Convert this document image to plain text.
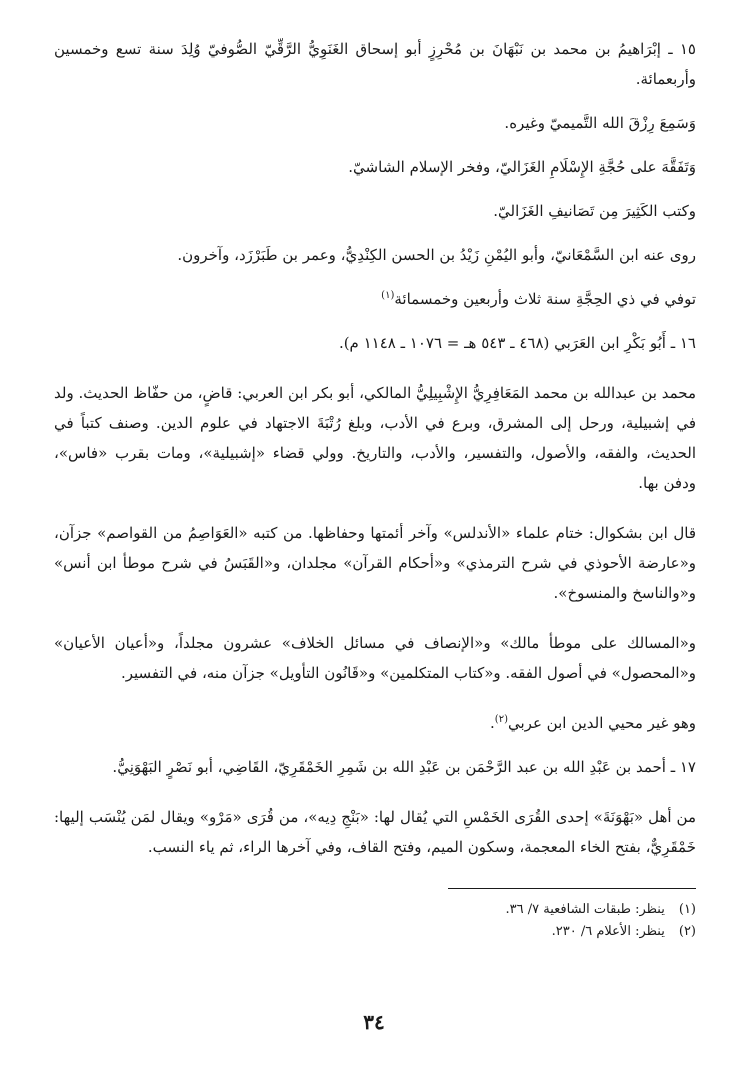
١٥ ـ إبْرَاهيمُ بن محمد بن نَبْهَانَ بن مُحْرِزٍ أبو إسحاق الغَنَوِيُّ الرَّقِّيّ الصُّوفيّ وُلِدَ سنة تسع وخمسين وأربعمائة.

وَسَمِعَ رِزْقَ الله التَّميميّ وغيره.

وَتَفَقَّهَ على حُجَّةِ الإِسْلَامِ الغَزَاليّ، وفخر الإسلام الشاشيّ.

وكتب الكَثِيرَ مِن تَصَانيفِ الغَزَاليّ.

روى عنه ابن السَّمْعَانيّ، وأبو اليُمْنِ زَيْدُ بن الحسن الكِنْدِيُّ، وعمر بن طَبَرْزَد، وآخرون.

توفي في ذي الحِجَّةِ سنة ثلاث وأربعين وخمسمائة$^{(١)}$

١٦ ـ أَبُو بَكْرِ ابن العَرَبي (٤٦٨ ـ ٥٤٣ هـ = ١٠٧٦ ـ ١١٤٨ م).

محمد بن عبدالله بن محمد المَعَافِرِيُّ الإِشْبِيلِيُّ المالكي، أبو بكر ابن العربي: قاضٍ، من حفّاظ الحديث. ولد في إشبيلية، ورحل إلى المشرق، وبرع في الأدب، وبلغ رُتْبَةَ الاجتهاد في علوم الدين. وصنف كتباً في الحديث، والفقه، والأصول، والتفسير، والأدب، والتاريخ. وولي قضاء «إشبيلية»، ومات بقرب «فاس»، ودفن بها.

قال ابن بشكوال: ختام علماء «الأندلس» وآخر أئمتها وحفاظها. من كتبه «العَوَاصِمُ من القواصم» جزآن، و«عارضة الأحوذي في شرح الترمذي» و«أحكام القرآن» مجلدان، و«القَبَسُ في شرح موطأ ابن أنس» و«والناسخ والمنسوخ».

و«المسالك على موطأ مالك» و«الإنصاف في مسائل الخلاف» عشرون مجلداً، و«أعيان الأعيان» و«المحصول» في أصول الفقه. و«كتاب المتكلمين» و«قَانُون التأويل» جزآن منه، في التفسير.

وهو غير محيي الدين ابن عربي$^{(٢)}$.

١٧ ـ أحمد بن عَبْدِ الله بن عبد الرَّحْمَن بن عَبْدِ الله بن شَمِرِ الخَمْقَرِيّ، القَاضِي، أبو نَصْرٍ البَهْوَنِيُّ.

من أهل «بَهْوَنَةَ» إحدى القُرَى الخَمْسِ التي يُقال لها: «بَنْجِ دِيه»، من قُرَى «مَرْو» ويقال لمَن يُنْسَب إليها: خَمْقَرِيٌّ، بفتح الخاء المعجمة، وسكون الميم، وفتح القاف، وفي آخرها الراء، ثم ياء النسب.

(١)
ينظر: طبقات الشافعية ٧/ ٣٦.
(٢)
ينظر: الأعلام ٦/ ٢٣٠.
٣٤
